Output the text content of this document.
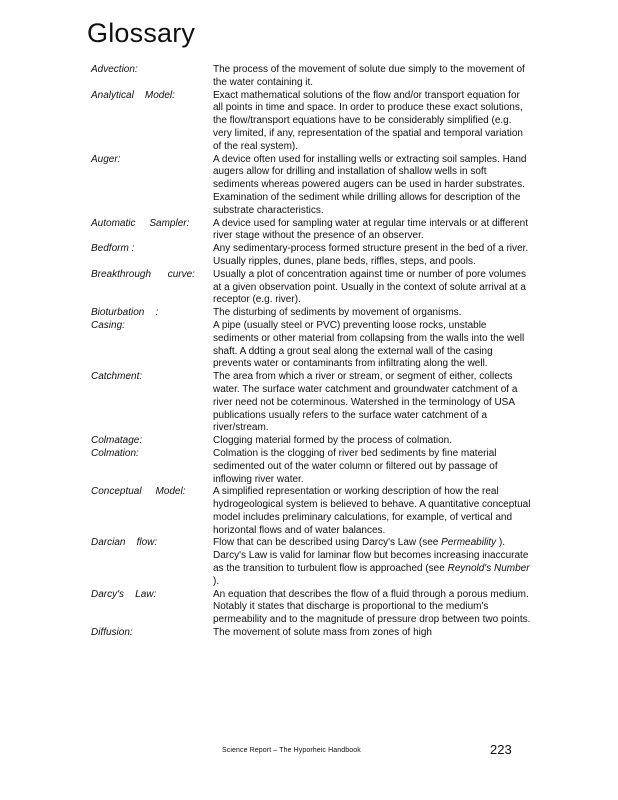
Glossary
Advection:	The process of the movement of solute due simply to the movement of the water containing it.
Analytical    Model:	Exact mathematical solutions of the flow and/or transport equation for all points in time and space. In order to produce these exact solutions, the flow/transport equations have to be considerably simplified (e.g. very limited, if any, representation of the spatial and temporal variation of the real system).
Auger:	A device often used for installing wells or extracting soil samples. Hand augers allow for drilling and installation of shallow wells in soft sediments whereas powered augers can be used in harder substrates. Examination of the sediment while drilling allows for description of the substrate characteristics.
Automatic     Sampler:	A device used for sampling water at regular time intervals or at different river stage without the presence of an observer.
Bedform :	Any sedimentary-process formed structure present in the bed of a river. Usually ripples, dunes, plane beds, riffles, steps, and pools.
Breakthrough      curve:	Usually a plot of concentration against time or number of pore volumes at a given observation point. Usually in the context of solute arrival at a receptor (e.g. river).
Bioturbation    :	The disturbing of sediments by movement of organisms.
Casing:	A pipe (usually steel or PVC) preventing loose rocks, unstable sediments or other material from collapsing from the walls into the well shaft. A ddting a grout seal along the external wall of the casing prevents water or contaminants from infiltrating along the well.
Catchment:	The area from which a river or stream, or segment of either, collects water. The surface water catchment and groundwater catchment of a river need not be coterminous. Watershed in the terminology of USA publications usually refers to the surface water catchment of a river/stream.
Colmatage:	Clogging material formed by the process of colmation.
Colmation:	Colmation is the clogging of river bed sediments by fine material sedimented out of the water column or filtered out by passage of inflowing river water.
Conceptual     Model:	A simplified representation or working description of how the real hydrogeological system is believed to behave. A quantitative conceptual model includes preliminary calculations, for example, of vertical and horizontal flows and of water balances.
Darcian    flow:	Flow that can be described using Darcy's Law (see Permeability ). Darcy's Law is valid for laminar flow but becomes increasing inaccurate as the transition to turbulent flow is approached (see Reynold's Number ).
Darcy's    Law:	An equation that describes the flow of a fluid through a porous medium. Notably it states that discharge is proportional to the medium's permeability and to the magnitude of pressure drop between two points.
Diffusion:	The movement of solute mass from zones of high
Science Report – The Hyporheic Handbook	223
